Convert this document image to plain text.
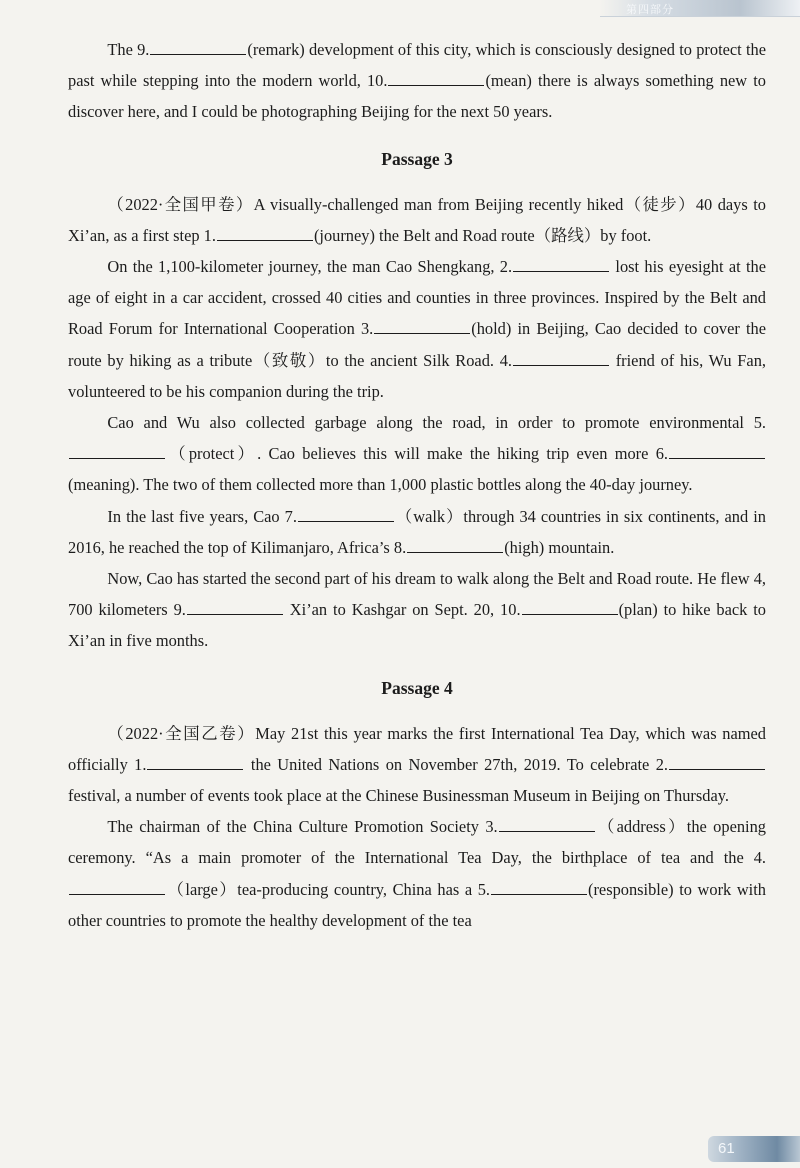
第四部分

The 9.	(remark) development of this city, which is consciously designed to protect the past while stepping into the modern world, 10.	(mean) there is always something new to discover here, and I could be photographing Beijing for the next 50 years.

Passage 3

（2022·全国甲卷）A visually-challenged man from Beijing recently hiked（徒步）40 days to Xi’an, as a first step 1.	(journey) the Belt and Road route（路线）by foot.

On the 1,100-kilometer journey, the man Cao Shengkang, 2.	lost his eyesight at the age of eight in a car accident, crossed 40 cities and counties in three provinces. Inspired by the Belt and Road Forum for International Cooperation 3.	(hold) in Beijing, Cao decided to cover the route by hiking as a tribute（致敬）to the ancient Silk Road. 4.	friend of his, Wu Fan, volunteered to be his companion during the trip.

Cao and Wu also collected garbage along the road, in order to promote environmental 5.（protect）. Cao believes this will make the hiking trip even more 6.(meaning). The two of them collected more than 1,000 plastic bottles along the 40-day journey.

In the last five years, Cao 7.	（walk）through 34 countries in six continents, and in 2016, he reached the top of Kilimanjaro, Africa’s 8.	(high) mountain.

Now, Cao has started the second part of his dream to walk along the Belt and Road route. He flew 4, 700 kilometers 9.	Xi’an to Kashgar on Sept. 20, 10.	(plan) to hike back to Xi’an in five months.

Passage 4

（2022·全国乙卷）May 21st this year marks the first International Tea Day, which was named officially 1.	the United Nations on November 27th, 2019. To celebrate 2. festival, a number of events took place at the Chinese Businessman Museum in Beijing on Thursday.

The chairman of the China Culture Promotion Society 3.	（address）the opening ceremony. “As a main promoter of the International Tea Day, the birthplace of tea and the 4.（large）tea-producing country, China has a 5.	(responsible) to work with other countries to promote the healthy development of the tea

61
